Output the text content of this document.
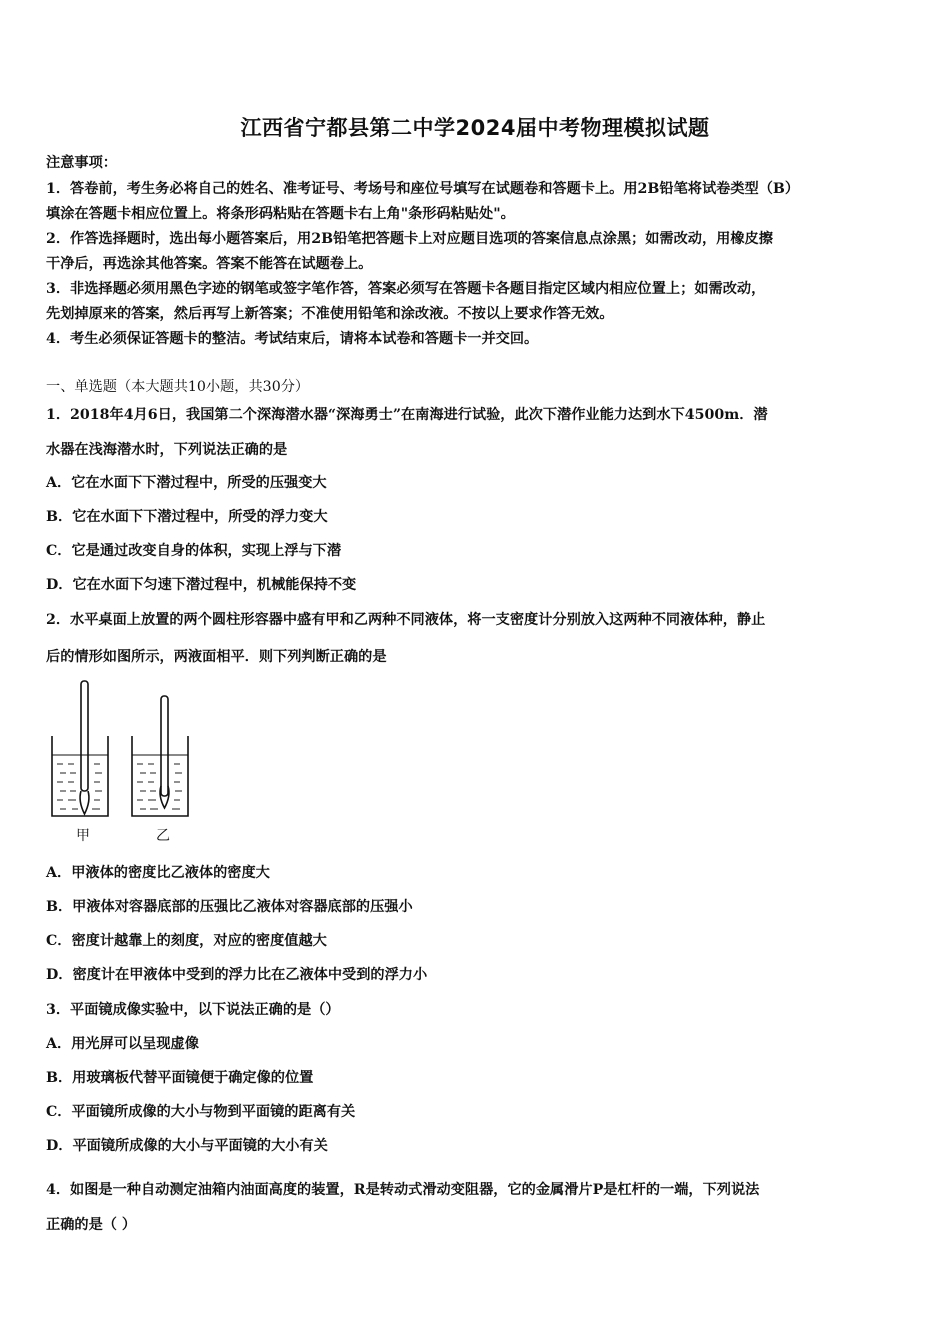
江西省宁都县第二中学2024届中考物理模拟试题
注意事项：
1．答卷前，考生务必将自己的姓名、准考证号、考场号和座位号填写在试题卷和答题卡上。用2B铅笔将试卷类型（B）
填涂在答题卡相应位置上。将条形码粘贴在答题卡右上角"条形码粘贴处"。
2．作答选择题时，选出每小题答案后，用2B铅笔把答题卡上对应题目选项的答案信息点涂黑；如需改动，用橡皮擦
干净后，再选涂其他答案。答案不能答在试题卷上。
3．非选择题必须用黑色字迹的钢笔或签字笔作答，答案必须写在答题卡各题目指定区域内相应位置上；如需改动，
先划掉原来的答案，然后再写上新答案；不准使用铅笔和涂改液。不按以上要求作答无效。
4．考生必须保证答题卡的整洁。考试结束后，请将本试卷和答题卡一并交回。
一、单选题（本大题共10小题，共30分）
1．2018年4月6日，我国第二个深海潜水器“深海勇士”在南海进行试验，此次下潜作业能力达到水下4500m．潜
水器在浅海潜水时，下列说法正确的是
A．它在水面下下潜过程中，所受的压强变大
B．它在水面下下潜过程中，所受的浮力变大
C．它是通过改变自身的体积，实现上浮与下潜
D．它在水面下匀速下潜过程中，机械能保持不变
2．水平桌面上放置的两个圆柱形容器中盛有甲和乙两种不同液体，将一支密度计分别放入这两种不同液体种，静止
后的情形如图所示，两液面相平．则下列判断正确的是
甲	乙
A．甲液体的密度比乙液体的密度大
B．甲液体对容器底部的压强比乙液体对容器底部的压强小
C．密度计越靠上的刻度，对应的密度值越大
D．密度计在甲液体中受到的浮力比在乙液体中受到的浮力小
3．平面镜成像实验中，以下说法正确的是（）
A．用光屏可以呈现虚像
B．用玻璃板代替平面镜便于确定像的位置
C．平面镜所成像的大小与物到平面镜的距离有关
D．平面镜所成像的大小与平面镜的大小有关
4．如图是一种自动测定油箱内油面高度的装置，R是转动式滑动变阻器，它的金属滑片P是杠杆的一端，下列说法
正确的是（ ）
